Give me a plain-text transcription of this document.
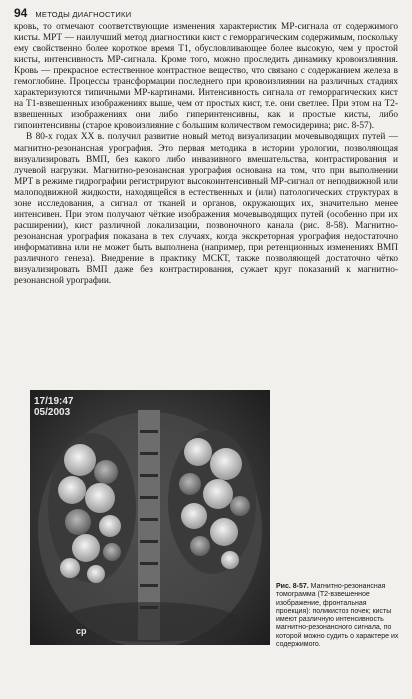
94 МЕТОДЫ ДИАГНОСТИКИ

кровь, то отмечают соответствующие изменения характеристик МР-сигнала от содержимого кисты. МРТ — наилучший метод диагностики кист с геморрагическим содержимым, поскольку ему свойственно более короткое время Т1, обусловливающее более высокую, чем у простой кисты, интенсивность МР-сигнала. Кроме того, можно проследить динамику кровоизлияния. Кровь — прекрасное естественное контрастное вещество, что связано с содержанием железа в гемоглобине. Процессы трансформации последнего при кровоизлиянии на различных стадиях характеризуются типичными МР-картинами. Интенсивность сигнала от геморрагических кист на Т1-взвешенных изображениях выше, чем от простых кист, т.е. они светлее. При этом на Т2-взвешенных изображениях они либо гиперинтенсивны, как и простые кисты, либо гипоинтенсивны (старое кровоизлияние с большим количеством гемосидерина; рис. 8-57).

В 80-х годах XX в. получил развитие новый метод визуализации мочевыводящих путей — магнитно-резонансная урография. Это первая методика в истории урологии, позволяющая визуализировать ВМП, без какого либо инвазивного вмешательства, контрастирования и лучевой нагрузки. Магнитно-резонансная урография основана на том, что при выполнении МРТ в режиме гидрографии регистрируют высокоинтенсивный МР-сигнал от неподвижной или малоподвижной жидкости, находящейся в естественных и (или) патологических структурах в зоне исследования, а сигнал от тканей и органов, окружающих их, значительно менее интенсивен. При этом получают чёткие изображения мочевыводящих путей (особенно при их расширении), кист различной локализации, позвоночного канала (рис. 8-58). Магнитно-резонансная урография показана в тех случаях, когда экскреторная урография недостаточно информативна или не может быть выполнена (например, при ретенционных изменениях ВМП различного генеза). Внедрение в практику МСКТ, также позволяющей достаточно чётко визуализировать ВМП даже без контрастирования, сужает круг показаний к магнитно-резонансной урографии.

17/19:47
05/2003
cp
Рис. 8-57. Магнитно-резонансная томограмма (Т2-взвешенное изображение, фронтальная проекция): поликистоз почек; кисты имеют различную интенсивность магнитно-резонансного сигнала, по которой можно судить о характере их содержимого.
